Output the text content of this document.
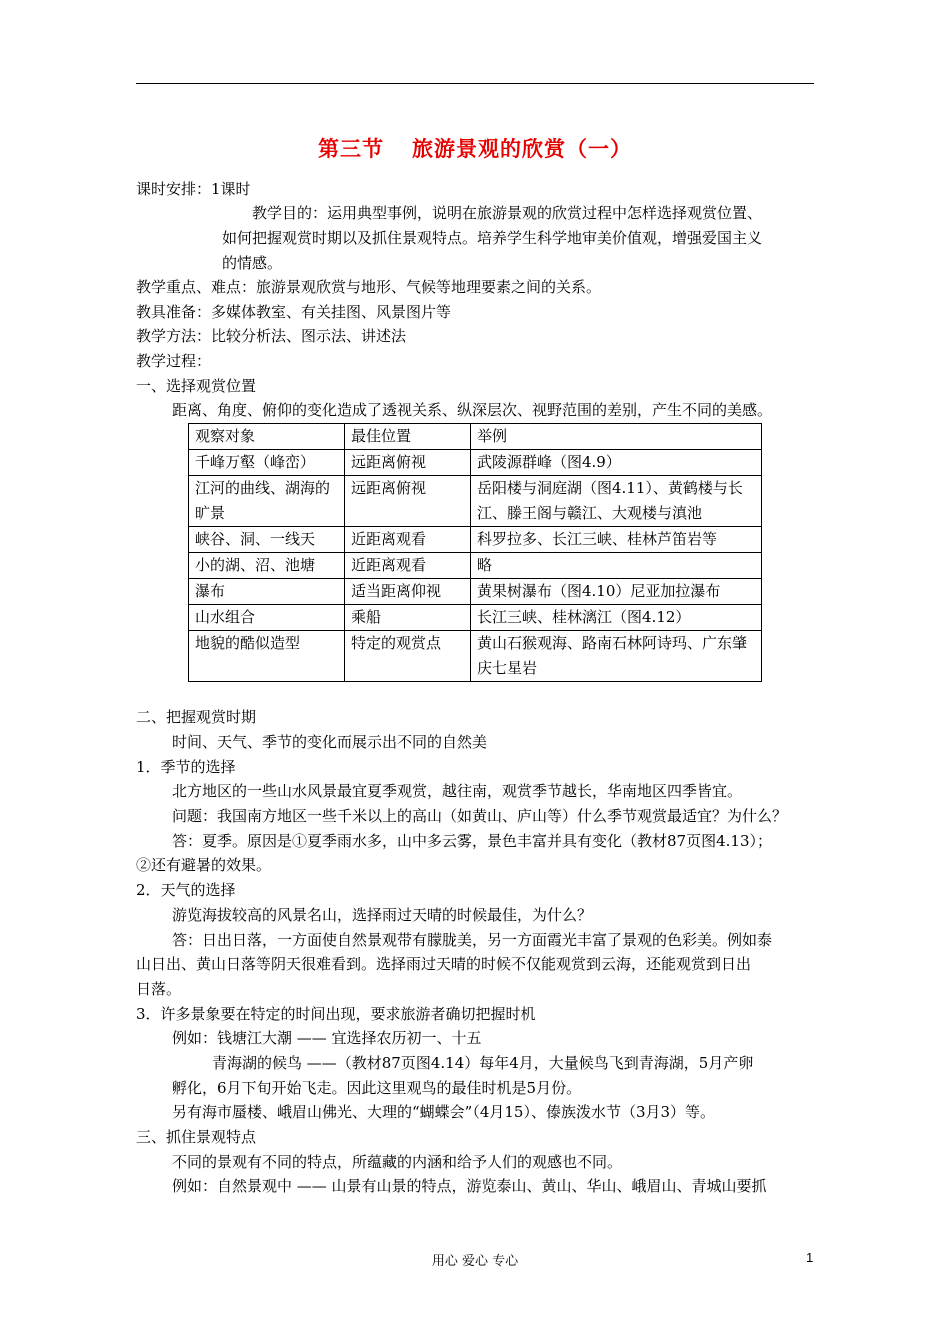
第三节 旅游景观的欣赏（一）
课时安排：1课时
教学目的：运用典型事例，说明在旅游景观的欣赏过程中怎样选择观赏位置、
如何把握观赏时期以及抓住景观特点。培养学生科学地审美价值观，增强爱国主义
的情感。
教学重点、难点：旅游景观欣赏与地形、气候等地理要素之间的关系。
教具准备：多媒体教室、有关挂图、风景图片等
教学方法：比较分析法、图示法、讲述法
教学过程：
一、选择观赏位置
距离、角度、俯仰的变化造成了透视关系、纵深层次、视野范围的差别，产生不同的美感。
观察对象	最佳位置	举例
千峰万壑（峰峦）	远距离俯视	武陵源群峰（图4.9）
江河的曲线、湖海的旷景	远距离俯视	岳阳楼与洞庭湖（图4.11）、黄鹤楼与长江、滕王阁与赣江、大观楼与滇池
峡谷、洞、一线天	近距离观看	科罗拉多、长江三峡、桂林芦笛岩等
小的湖、沼、池塘	近距离观看	略
瀑布	适当距离仰视	黄果树瀑布（图4.10）尼亚加拉瀑布
山水组合	乘船	长江三峡、桂林漓江（图4.12）
地貌的酷似造型	特定的观赏点	黄山石猴观海、路南石林阿诗玛、广东肇庆七星岩
二、把握观赏时期
时间、天气、季节的变化而展示出不同的自然美
1．季节的选择
北方地区的一些山水风景最宜夏季观赏，越往南，观赏季节越长，华南地区四季皆宜。
问题：我国南方地区一些千米以上的高山（如黄山、庐山等）什么季节观赏最适宜？为什么？
答：夏季。原因是①夏季雨水多，山中多云雾，景色丰富并具有变化（教材87页图4.13）；
②还有避暑的效果。
2．天气的选择
游览海拔较高的风景名山，选择雨过天晴的时候最佳，为什么？
答：日出日落，一方面使自然景观带有朦胧美，另一方面霞光丰富了景观的色彩美。例如泰
山日出、黄山日落等阴天很难看到。选择雨过天晴的时候不仅能观赏到云海，还能观赏到日出
日落。
3．许多景象要在特定的时间出现，要求旅游者确切把握时机
例如：钱塘江大潮 —— 宜选择农历初一、十五
青海湖的候鸟 ——（教材87页图4.14）每年4月，大量候鸟飞到青海湖，5月产卵
孵化，6月下旬开始飞走。因此这里观鸟的最佳时机是5月份。
另有海市蜃楼、峨眉山佛光、大理的“蝴蝶会”（4月15）、傣族泼水节（3月3）等。
三、抓住景观特点
不同的景观有不同的特点，所蕴藏的内涵和给予人们的观感也不同。
例如：自然景观中 —— 山景有山景的特点，游览泰山、黄山、华山、峨眉山、青城山要抓
用心 爱心 专心	1
